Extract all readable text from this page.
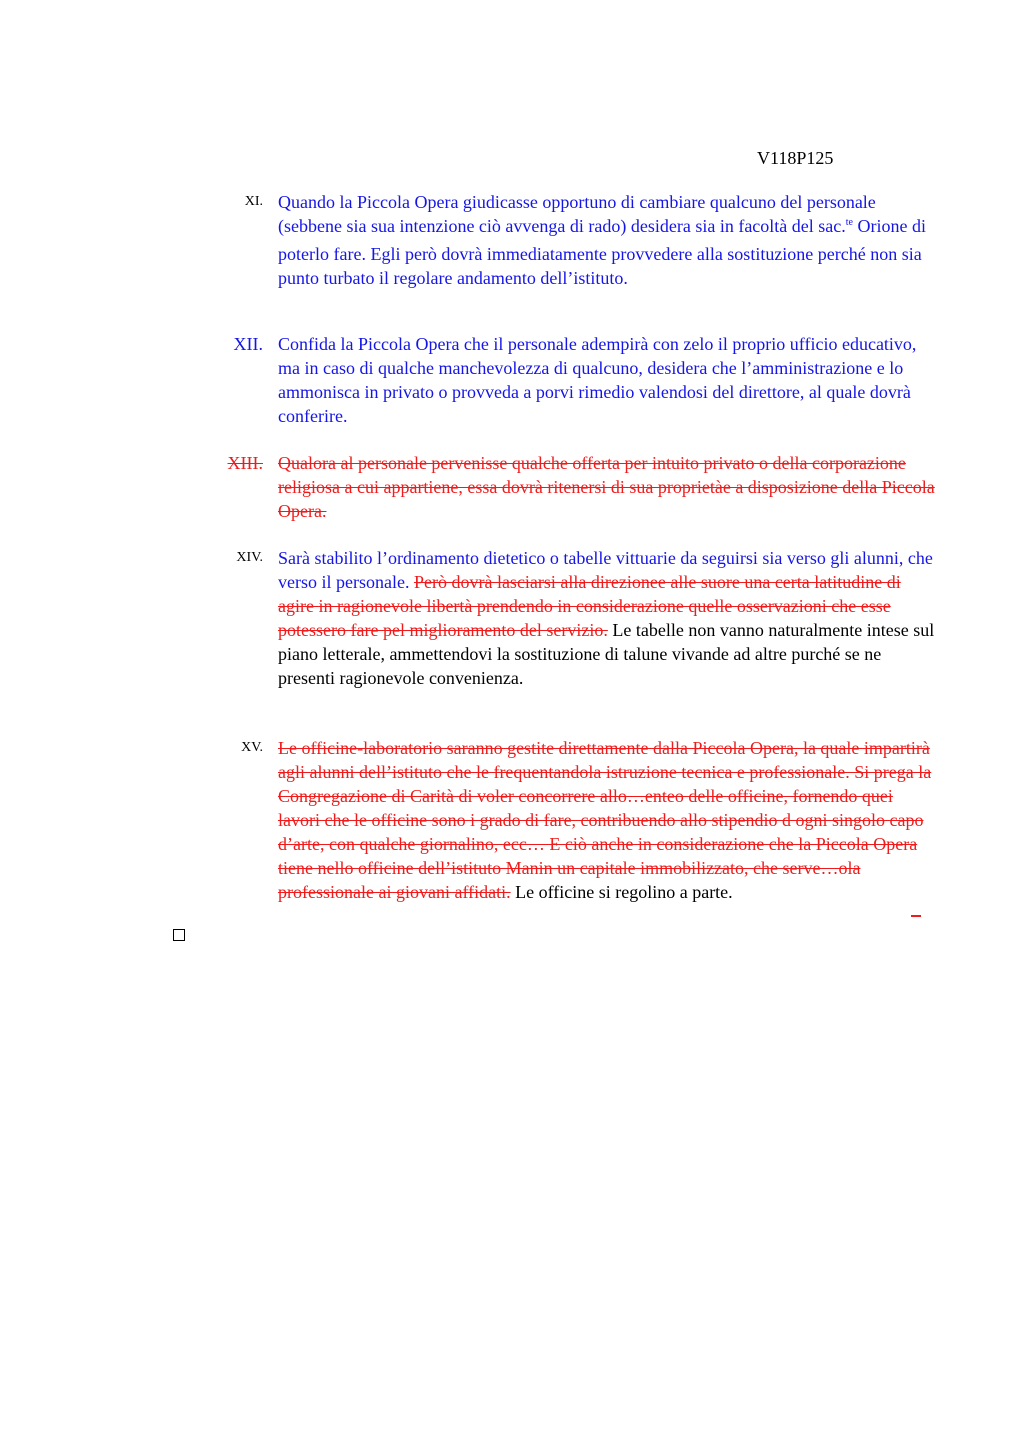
V118P125
XI. Quando la Piccola Opera giudicasse opportuno di cambiare qualcuno del personale (sebbene sia sua intenzione ciò avvenga di rado) desidera sia in facoltà del sac.$^{te}$ Orione di poterlo fare. Egli però dovrà immediatamente provvedere alla sostituzione perché non sia punto turbato il regolare andamento dell’istituto.
XII. Confida la Piccola Opera che il personale adempirà con zelo il proprio ufficio educativo, ma in caso di qualche manchevolezza di qualcuno, desidera che l’amministrazione e lo ammonisca in privato o provveda a porvi rimedio valendosi del direttore, al quale dovrà conferire.
XIII. Qualora al personale pervenisse qualche offerta per intuito privato o della corporazione religiosa a cui appartiene, essa dovrà ritenersi di sua proprietàe a disposizione della Piccola Opera.
XIV. Sarà stabilito l’ordinamento dietetico o tabelle vittuarie da seguirsi sia verso gli alunni, che verso il personale. Però dovrà lasciarsi alla direzionee alle suore una certa latitudine di agire in ragionevole libertà prendendo in considerazione quelle osservazioni che esse potessero fare pel miglioramento del servizio. Le tabelle non vanno naturalmente intese sul piano letterale, ammettendovi la sostituzione di talune vivande ad altre purché se ne presenti ragionevole convenienza.
XV. Le officine-laboratorio saranno gestite direttamente dalla Piccola Opera, la quale impartirà agli alunni dell’istituto che le frequentandola istruzione tecnica e professionale. Si prega la Congregazione di Carità di voler concorrere allo…enteo delle officine, fornendo quei lavori che le officine sono i grado di fare, contribuendo allo stipendio d ogni singolo capo d’arte, con qualche giornalino, ecc… E ciò anche in considerazione che la Piccola Opera tiene nello officine dell’istituto Manin un capitale immobilizzato, che serve…ola professionale ai giovani affidati. Le officine si regolino a parte.
